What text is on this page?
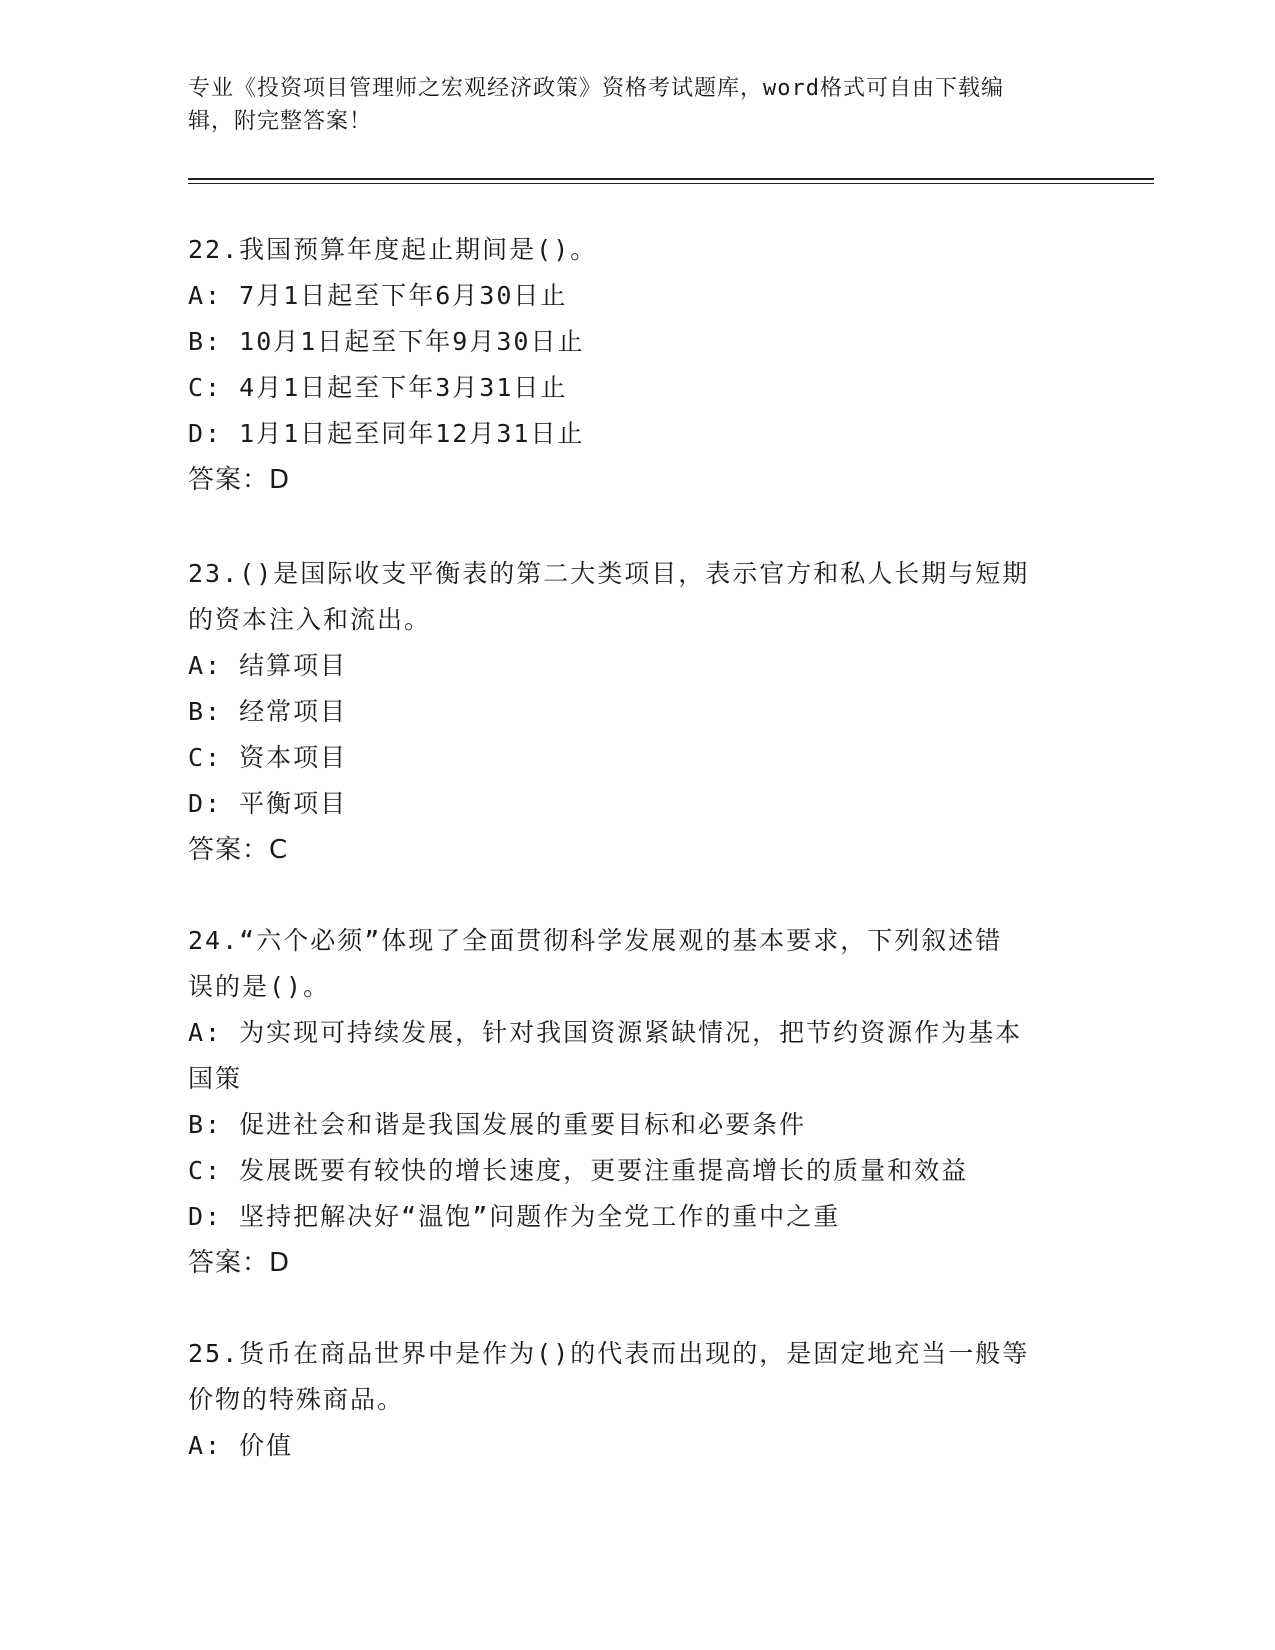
专业《投资项目管理师之宏观经济政策》资格考试题库，word格式可自由下载编
辑，附完整答案！
22.我国预算年度起止期间是()。
A: 7月1日起至下年6月30日止
B: 10月1日起至下年9月30日止
C: 4月1日起至下年3月31日止
D: 1月1日起至同年12月31日止
答案：D
23.()是国际收支平衡表的第二大类项目，表示官方和私人长期与短期
的资本注入和流出。
A: 结算项目
B: 经常项目
C: 资本项目
D: 平衡项目
答案：C
24.“六个必须”体现了全面贯彻科学发展观的基本要求，下列叙述错
误的是()。
A: 为实现可持续发展，针对我国资源紧缺情况，把节约资源作为基本
国策
B: 促进社会和谐是我国发展的重要目标和必要条件
C: 发展既要有较快的增长速度，更要注重提高增长的质量和效益
D: 坚持把解决好“温饱”问题作为全党工作的重中之重
答案：D
25.货币在商品世界中是作为()的代表而出现的，是固定地充当一般等
价物的特殊商品。
A: 价值
